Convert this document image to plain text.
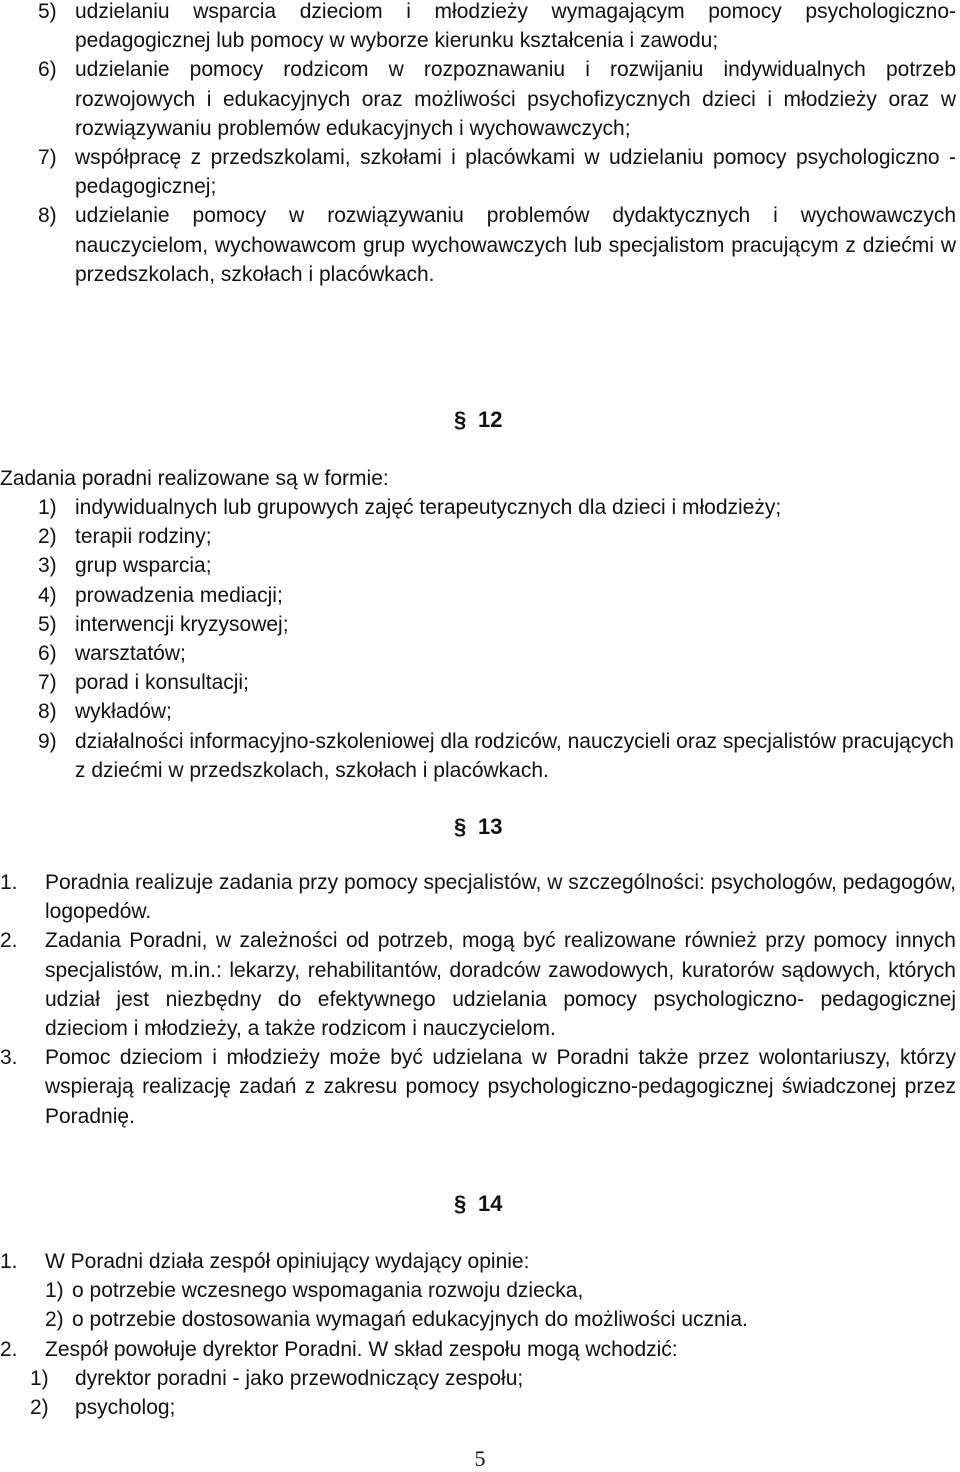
5) udzielaniu wsparcia dzieciom i młodzieży wymagającym pomocy psychologiczno-pedagogicznej lub pomocy w wyborze kierunku kształcenia i zawodu;
6) udzielanie pomocy rodzicom w rozpoznawaniu i rozwijaniu indywidualnych potrzeb rozwojowych i edukacyjnych oraz możliwości psychofizycznych dzieci i młodzieży oraz w rozwiązywaniu problemów edukacyjnych i wychowawczych;
7) współpracę z przedszkolami, szkołami i placówkami w udzielaniu pomocy psychologiczno - pedagogicznej;
8) udzielanie pomocy w rozwiązywaniu problemów dydaktycznych i wychowawczych nauczycielom, wychowawcom grup wychowawczych lub specjalistom pracującym z dziećmi w przedszkolach, szkołach i placówkach.
§ 12
Zadania poradni realizowane są w formie:
1) indywidualnych lub grupowych zajęć terapeutycznych dla dzieci i młodzieży;
2) terapii rodziny;
3) grup wsparcia;
4) prowadzenia mediacji;
5) interwencji kryzysowej;
6) warsztatów;
7) porad i konsultacji;
8) wykładów;
9) działalności informacyjno-szkoleniowej dla rodziców, nauczycieli oraz specjalistów pracujących z dziećmi w przedszkolach, szkołach i placówkach.
§ 13
1.	Poradnia realizuje zadania przy pomocy specjalistów, w szczególności: psychologów, pedagogów, logopedów.
2.	Zadania Poradni, w zależności od potrzeb, mogą być realizowane również przy pomocy innych specjalistów, m.in.: lekarzy, rehabilitantów, doradców zawodowych, kuratorów sądowych, których udział jest niezbędny do efektywnego udzielania pomocy psychologiczno- pedagogicznej dzieciom i młodzieży, a także rodzicom i nauczycielom.
3.	Pomoc dzieciom i młodzieży może być udzielana w Poradni także przez wolontariuszy, którzy wspierają realizację zadań z zakresu pomocy psychologiczno-pedagogicznej świadczonej przez Poradnię.
§ 14
1.	W Poradni działa zespół opiniujący wydający opinie:
1) o potrzebie wczesnego wspomagania rozwoju dziecka,
2) o potrzebie dostosowania wymagań edukacyjnych do możliwości ucznia.
2.	Zespół powołuje dyrektor Poradni. W skład zespołu mogą wchodzić:
1)	dyrektor poradni - jako przewodniczący zespołu;
2)	psycholog;
5
